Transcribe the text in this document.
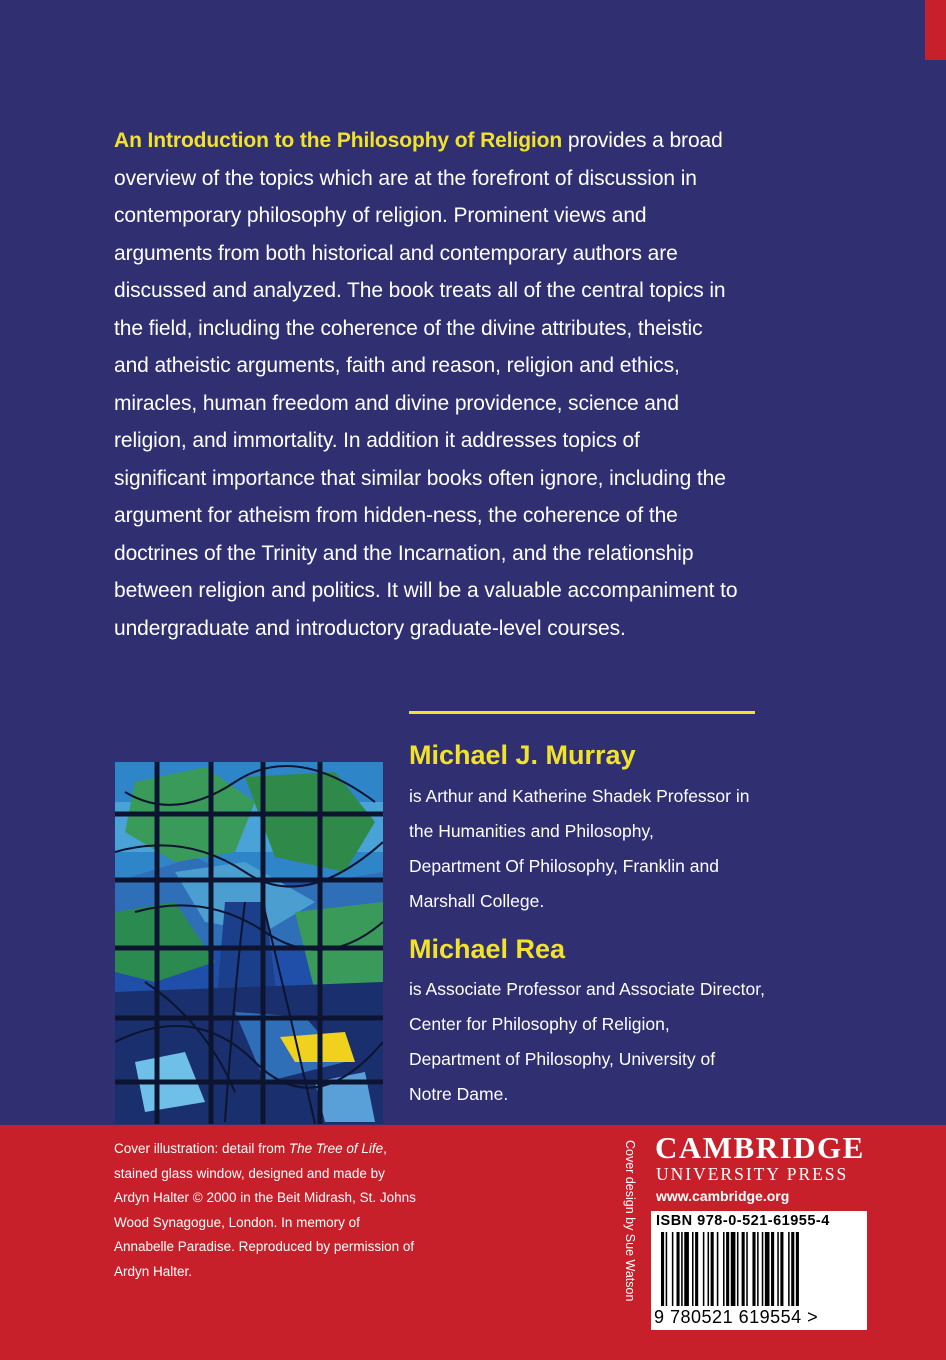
An Introduction to the Philosophy of Religion provides a broad
overview of the topics which are at the forefront of discussion in
contemporary philosophy of religion. Prominent views and
arguments from both historical and contemporary authors are
discussed and analyzed. The book treats all of the central topics in
the field, including the coherence of the divine attributes, theistic
and atheistic arguments, faith and reason, religion and ethics,
miracles, human freedom and divine providence, science and
religion, and immortality. In addition it addresses topics of
significant importance that similar books often ignore, including the
argument for atheism from hidden-ness, the coherence of the
doctrines of the Trinity and the Incarnation, and the relationship
between religion and politics. It will be a valuable accompaniment to
undergraduate and introductory graduate-level courses.
Michael J. Murray
is Arthur and Katherine Shadek Professor in
the Humanities and Philosophy,
Department Of Philosophy, Franklin and
Marshall College.
Michael Rea
is Associate Professor and Associate Director,
Center for Philosophy of Religion,
Department of Philosophy, University of
Notre Dame.
Cover illustration: detail from The Tree of Life,
stained glass window, designed and made by
Ardyn Halter © 2000 in the Beit Midrash, St. Johns
Wood Synagogue, London. In memory of
Annabelle Paradise. Reproduced by permission of
Ardyn Halter.	Cover design by Sue Watson CAMBRIDGE
UNIVERSITY PRESS
www.cambridge.org
ISBN 978-0-521-61955-4
9 780521 619554 >
